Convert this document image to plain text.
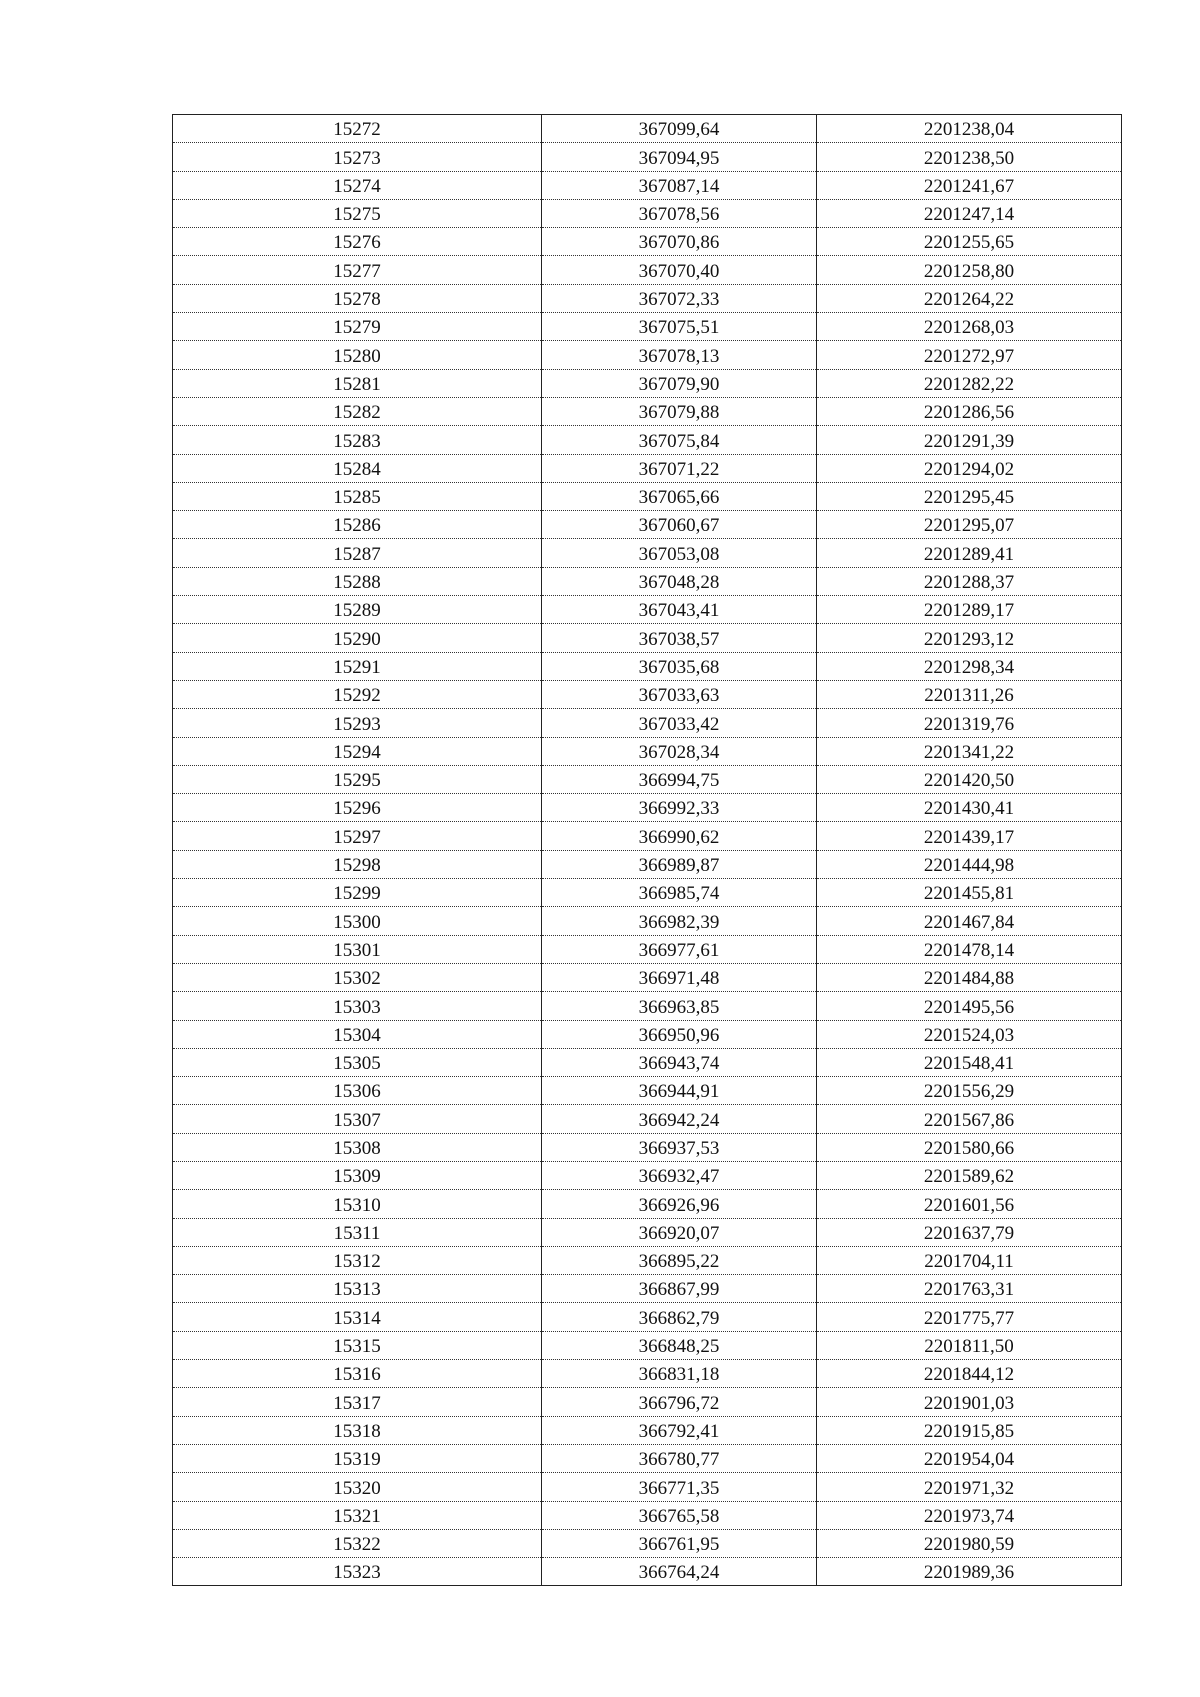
15272	367099,64	2201238,04
15273	367094,95	2201238,50
15274	367087,14	2201241,67
15275	367078,56	2201247,14
15276	367070,86	2201255,65
15277	367070,40	2201258,80
15278	367072,33	2201264,22
15279	367075,51	2201268,03
15280	367078,13	2201272,97
15281	367079,90	2201282,22
15282	367079,88	2201286,56
15283	367075,84	2201291,39
15284	367071,22	2201294,02
15285	367065,66	2201295,45
15286	367060,67	2201295,07
15287	367053,08	2201289,41
15288	367048,28	2201288,37
15289	367043,41	2201289,17
15290	367038,57	2201293,12
15291	367035,68	2201298,34
15292	367033,63	2201311,26
15293	367033,42	2201319,76
15294	367028,34	2201341,22
15295	366994,75	2201420,50
15296	366992,33	2201430,41
15297	366990,62	2201439,17
15298	366989,87	2201444,98
15299	366985,74	2201455,81
15300	366982,39	2201467,84
15301	366977,61	2201478,14
15302	366971,48	2201484,88
15303	366963,85	2201495,56
15304	366950,96	2201524,03
15305	366943,74	2201548,41
15306	366944,91	2201556,29
15307	366942,24	2201567,86
15308	366937,53	2201580,66
15309	366932,47	2201589,62
15310	366926,96	2201601,56
15311	366920,07	2201637,79
15312	366895,22	2201704,11
15313	366867,99	2201763,31
15314	366862,79	2201775,77
15315	366848,25	2201811,50
15316	366831,18	2201844,12
15317	366796,72	2201901,03
15318	366792,41	2201915,85
15319	366780,77	2201954,04
15320	366771,35	2201971,32
15321	366765,58	2201973,74
15322	366761,95	2201980,59
15323	366764,24	2201989,36
